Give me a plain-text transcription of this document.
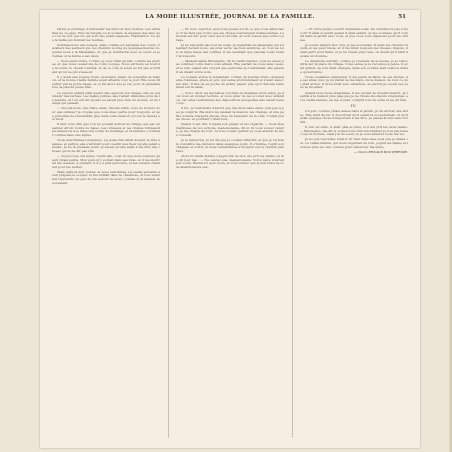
LA MODE ILLUSTRÉE, JOURNAL DE LA FAMILLE.	51

ration le privilége d'entretenir les murs et mes rustres. Les entrailles de ce pays. Plus de l'argile, tu le voulais, la dépasse des plus que l'on ne voit que lui qui sont des petits lesquels, l'habitation. Ce que la taille qui donnait les feuilles.

Sommes-nous une longue, mais comme un agréable des cours, Cavaliers des sentiers qui, les chemins le long de quelques heures où, quand nous a la Madeleine, et que je m'enterrai avec le cœur, et je l'aimai, si la ferme a ses deux.

— Vous serez riche, l'ordre, je vous dirai qu'elle, comme les pierres, et que nous causerons de votre voyage. Nous arrivons au bout de la route; le cheval s'arrêta, et de ce côté le soleil ne fut pas si brûlant qu'on ne pût s'asseoir.

Il y avait une longue route, monsieur, avant de connaître la maison, et la bonne vieille femme avait attendu tout le jour. Elle nous fit entrer par la porte basse, et ce fut alors que je vis, pour la première fois, la pauvre jeune fille.

La pauvre enfant pâlit quand elle aperçut son visage; elle ne put retenir des larmes. Les mains jointes, elle restait immobile près de la fenêtre, et l'on eût dit qu'elle ne savait plus rien du monde, ni du temps qui passait.

— Voyons-nous, ma chère amie, dit-elle enfin, vous ne m'avez donc pas oubliée? Je croyais que vous étiez partie pour toujours, et que personne ne reviendrait plus dans cette maison où tout le monde est mort.

Il faut vous dire que l'on ne pouvait arriver au village que par un sentier étroit, bordé de haies. Les ormeaux et les chênes formaient au-dessus de nos têtes une voûte de feuillage, et la lumière y tombait comme dans une église.

Nous marchâmes longtemps. La jeune fille allait devant, la tête baissée, et parfois elle s'arrêtait pour cueillir une fleur qu'elle jetait ensuite. Je ne la pressais point; je savais qu'elle avait à me dire des choses qu'on ne dit pas vite.

— Voyez-vous, ma mère, reprit-elle, c'est ici que nous venions quand j'étais petite. Mon père m'y portait dans ses bras, et il me montrait les oiseaux. À présent, il n'y a plus personne, et les oiseaux chantent pour les autres.

Mais enfin la nuit tomba, et nous rentrâmes. La vieille servante avait préparé le souper; le feu brillait dans la cheminée, et tout semblait reprendre un peu de vie autour de nous, comme si la maison se souvenait.

— Et vous, reprit-il, avez-vous pensé à tout ce que vous alliez faire? Il ne faut pas croire que les choses s'arrangent d'elles-mêmes. Le monde est dur pour ceux qui n'ont rien, et vous n'avez que votre courage.

Je ne répondis pas tout de suite. Je regardais la campagne qui s'étendait devant nous, les prés verts, les bois sombres, et, tout au loin, la ligne bleue des collines. Il me semblait que j'aurais voulu rester là toujours.

— Mademoiselle Bérengère, dit la vieille femme, vous ne savez pas combien votre mère vous aimait. Elle parlait de vous sans cesse, et le soir, quand elle croyait que personne ne l'entendait, elle pleurait en disant votre nom.

Le notaire arriva le lendemain. C'était un homme d'une cinquantaine d'années, grave et poli, qui salua profondément et s'assit sans rien dire. Il tira de sa poche un grand papier plié qu'il déroula lentement sur la table.

— Voici, dit-il, les dernières volontés de madame votre mère. Je dois vous en donner lecture, et vous prier de les écouter avec attention, car elles renferment des dispositions auxquelles elle tenait beaucoup.

Il lut. Je n'entendis d'abord que des mots sans suite; puis peu à peu je compris. Ma mère me laissait la maison, les champs, et une petite somme d'argent placée chez un banquier de la ville. C'était peu de chose, et pourtant c'était tout.

Quand il eut fini, il replia son papier et me regarda. — Vous êtes maîtresse de vos actions, mademoiselle, dit-il. Si vous voulez vendre, je me charge de tout. Si vous voulez garder, je vous aiderai de mes conseils.

Je le remerciai. Je lui dis que je voulais réfléchir, et que je lui ferais connaître ma décision dans quelques jours. Il s'inclina, reprit son chapeau et sortit, et nous l'entendîmes s'éloigner sur le chemin pierreux.

Alors la vieille femme s'approcha de moi, me prit les mains, et me dit tout bas : — Ne vendez pas, mademoiselle. Votre mère n'aurait pas voulu. Restez ici avec nous, et vous verrez que le bon Dieu ne vous abandonnera pas.

— Et votre jeune cousin? demanda-t-elle. Ne viendra-t-il pas vous voir? Il était si gentil quand il était enfant. Je me souviens qu'il courait dans le jardin avec vous, et que vous vous disputiez pour les cerises.

Je souris malgré moi. Oui, je me souvenais. Il avait les cheveux blonds et les yeux bleus, et il me tirait toujours les tresses. Depuis, il était parti pour Paris, et je ne l'avais plus revu; on disait qu'il était devenu un homme.

Le dimanche suivant, comme je revenais de la messe, je le rencontrai sur la place du village. Il me salua, je le reconnus à peine. Il avait grandi, sa voix était changée, mais son sourire était resté le même qu'autrefois.

Nous causâmes longtemps. Il me parla de Paris, de ses études, de ses amis; moi, je lui parlai de ma mère, de la maison, de tout ce qui était arrivé. Il m'écoutait avec attention, et parfois je voyais ses yeux se mouiller.

Quand nous nous séparâmes, il me promit de revenir bientôt. Je rentrai à la maison plus gaie que je ne l'avais été depuis longtemps, et la vieille femme, en me voyant, comprit tout de suite et ne dit rien.

IV.

Un jour, comme j'étais assise dans le jardin, je vis arriver une lettre. Elle était de lui. Il m'écrivait qu'il serait là le lendemain, et qu'il avait quelque chose d'important à me dire. Je passai la nuit sans dormir.

Il vint en effet. Il était pâle et ému, et il me prit les deux mains. — Bérengère, me dit-il, voulez-vous être ma femme? Je n'ai pas beaucoup de fortune, mais j'ai du cœur, et je vous aimerai toute ma vie.

Je ne pus répondre; mais il vit bien dans mes yeux que je disais oui. La vieille femme, qui nous regardait de loin, joignit les mains et leva les yeux au ciel, comme pour remercier ma mère.

— Claire RENAUD BOUVERESSE.
